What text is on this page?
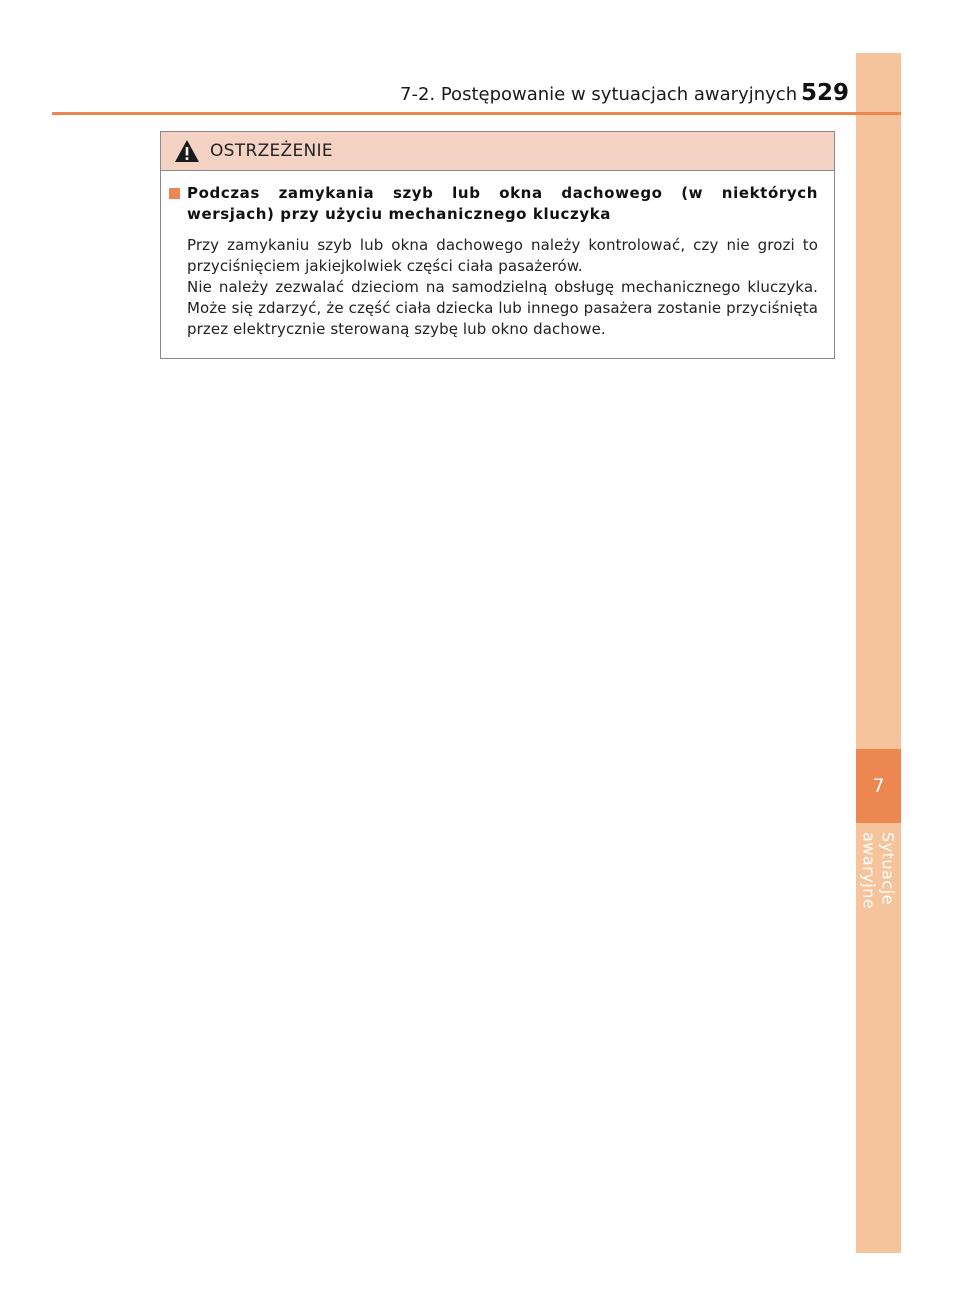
7
Sytuacje awaryjne
7-2. Postępowanie w sytuacjach awaryjnych 529
OSTRZEŻENIE
Podczas zamykania szyb lub okna dachowego (w niektórych wersjach) przy użyciu mechanicznego kluczyka

Przy zamykaniu szyb lub okna dachowego należy kontrolować, czy nie grozi to przyciśnięciem jakiejkolwiek części ciała pasażerów.

Nie należy zezwalać dzieciom na samodzielną obsługę mechanicznego kluczyka. Może się zdarzyć, że część ciała dziecka lub innego pasażera zostanie przyciśnięta przez elektrycznie sterowaną szybę lub okno dachowe.
